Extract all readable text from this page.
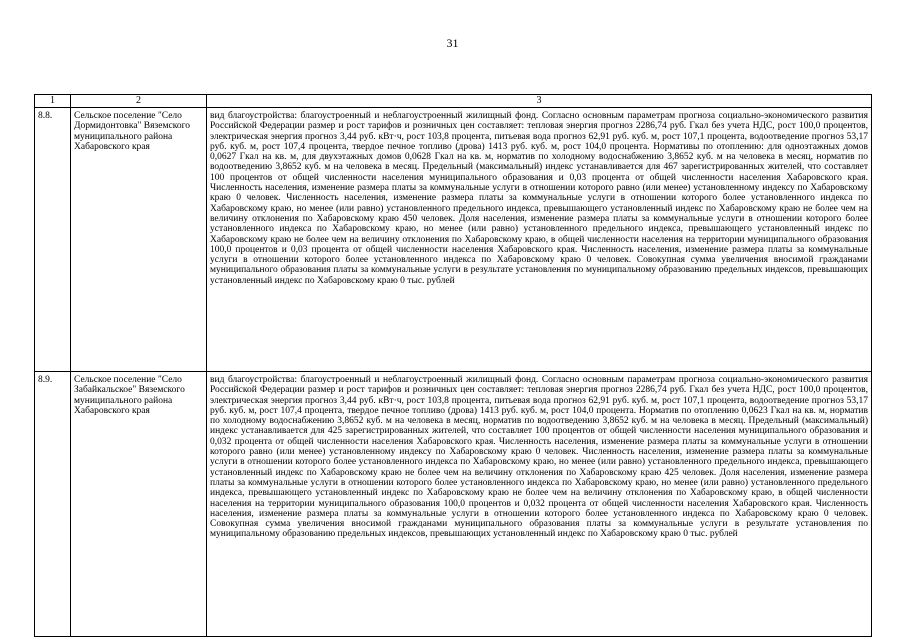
31
1	2	3
8.8.	Сельское поселение "Село Дормидонтовка" Вяземского муниципального района Хабаровского края	вид благоустройства: благоустроенный и неблагоустроенный жилищный фонд. Согласно основным параметрам прогноза социально-экономического развития Российской Федерации размер и рост тарифов и розничных цен составляет: тепловая энергия прогноз 2286,74 руб. Гкал без учета НДС, рост 100,0 процентов, электрическая энергия прогноз 3,44 руб. кВт·ч, рост 103,8 процента, питьевая вода прогноз 62,91 руб. куб. м, рост 107,1 процента, водоотведение прогноз 53,17 руб. куб. м, рост 107,4 процента, твердое печное топливо (дрова) 1413 руб. куб. м, рост 104,0 процента. Нормативы по отоплению: для одноэтажных домов 0,0627 Гкал на кв. м, для двухэтажных домов 0,0628 Гкал на кв. м, норматив по холодному водоснабжению 3,8652 куб. м на человека в месяц, норматив по водоотведению 3,8652 куб. м на человека в месяц. Предельный (максимальный) индекс устанавливается для 467 зарегистрированных жителей, что составляет 100 процентов от общей численности населения муниципального образования и 0,03 процента от общей численности населения Хабаровского края. Численность населения, изменение размера платы за коммунальные услуги в отношении которого равно (или менее) установленному индексу по Хабаровскому краю 0 человек. Численность населения, изменение размера платы за коммунальные услуги в отношении которого более установленного индекса по Хабаровскому краю, но менее (или равно) установленного предельного индекса, превышающего установленный индекс по Хабаровскому краю не более чем на величину отклонения по Хабаровскому краю 450 человек. Доля населения, изменение размера платы за коммунальные услуги в отношении которого более установленного индекса по Хабаровскому краю, но менее (или равно) установленного предельного индекса, превышающего установленный индекс по Хабаровскому краю не более чем на величину отклонения по Хабаровскому краю, в общей численности населения на территории муниципального образования 100,0 процентов и 0,03 процента от общей численности населения Хабаровского края. Численность населения, изменение размера платы за коммунальные услуги в отношении которого более установленного индекса по Хабаровскому краю 0 человек. Совокупная сумма увеличения вносимой гражданами муниципального образования платы за коммунальные услуги в результате установления по муниципальному образованию предельных индексов, превышающих установленный индекс по Хабаровскому краю 0 тыс. рублей
8.9.	Сельское поселение "Село Забайкальское" Вяземского муниципального района Хабаровского края	вид благоустройства: благоустроенный и неблагоустроенный жилищный фонд. Согласно основным параметрам прогноза социально-экономического развития Российской Федерации размер и рост тарифов и розничных цен составляет: тепловая энергия прогноз 2286,74 руб. Гкал без учета НДС, рост 100,0 процентов, электрическая энергия прогноз 3,44 руб. кВт·ч, рост 103,8 процента, питьевая вода прогноз 62,91 руб. куб. м, рост 107,1 процента, водоотведение прогноз 53,17 руб. куб. м, рост 107,4 процента, твердое печное топливо (дрова) 1413 руб. куб. м, рост 104,0 процента. Норматив по отоплению 0,0623 Гкал на кв. м, норматив по холодному водоснабжению 3,8652 куб. м на человека в месяц, норматив по водоотведению 3,8652 куб. м на человека в месяц. Предельный (максимальный) индекс устанавливается для 425 зарегистрированных жителей, что составляет 100 процентов от общей численности населения муниципального образования и 0,032 процента от общей численности населения Хабаровского края. Численность населения, изменение размера платы за коммунальные услуги в отношении которого равно (или менее) установленному индексу по Хабаровскому краю 0 человек. Численность населения, изменение размера платы за коммунальные услуги в отношении которого более установленного индекса по Хабаровскому краю, но менее (или равно) установленного предельного индекса, превышающего установленный индекс по Хабаровскому краю не более чем на величину отклонения по Хабаровскому краю 425 человек. Доля населения, изменение размера платы за коммунальные услуги в отношении которого более установленного индекса по Хабаровскому краю, но менее (или равно) установленного предельного индекса, превышающего установленный индекс по Хабаровскому краю не более чем на величину отклонения по Хабаровскому краю, в общей численности населения на территории муниципального образования 100,0 процентов и 0,032 процента от общей численности населения Хабаровского края. Численность населения, изменение размера платы за коммунальные услуги в отношении которого более установленного индекса по Хабаровскому краю 0 человек. Совокупная сумма увеличения вносимой гражданами муниципального образования платы за коммунальные услуги в результате установления по муниципальному образованию предельных индексов, превышающих установленный индекс по Хабаровскому краю 0 тыс. рублей
